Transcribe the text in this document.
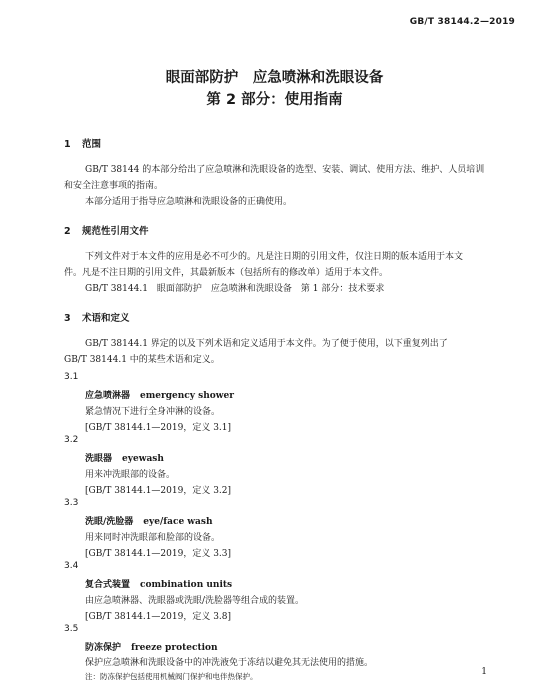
GB/T 38144.2—2019
眼面部防护　应急喷淋和洗眼设备
第 2 部分：使用指南
1 范围
GB/T 38144 的本部分给出了应急喷淋和洗眼设备的选型、安装、调试、使用方法、维护、人员培训
和安全注意事项的指南。
本部分适用于指导应急喷淋和洗眼设备的正确使用。
2 规范性引用文件
下列文件对于本文件的应用是必不可少的。凡是注日期的引用文件，仅注日期的版本适用于本文
件。凡是不注日期的引用文件，其最新版本（包括所有的修改单）适用于本文件。
GB/T 38144.1　眼面部防护　应急喷淋和洗眼设备　第 1 部分：技术要求
3 术语和定义
GB/T 38144.1 界定的以及下列术语和定义适用于本文件。为了便于使用，以下重复列出了
GB/T 38144.1 中的某些术语和定义。
3.1
应急喷淋器 emergency shower
紧急情况下进行全身冲淋的设备。
[GB/T 38144.1—2019，定义 3.1]
3.2
洗眼器 eyewash
用来冲洗眼部的设备。
[GB/T 38144.1—2019，定义 3.2]
3.3
洗眼/洗脸器 eye/face wash
用来同时冲洗眼部和脸部的设备。
[GB/T 38144.1—2019，定义 3.3]
3.4
复合式装置 combination units
由应急喷淋器、洗眼器或洗眼/洗脸器等组合成的装置。
[GB/T 38144.1—2019，定义 3.8]
3.5
防冻保护 freeze protection
保护应急喷淋和洗眼设备中的冲洗液免于冻结以避免其无法使用的措施。
注：防冻保护包括使用机械阀门保护和电伴热保护。	1
